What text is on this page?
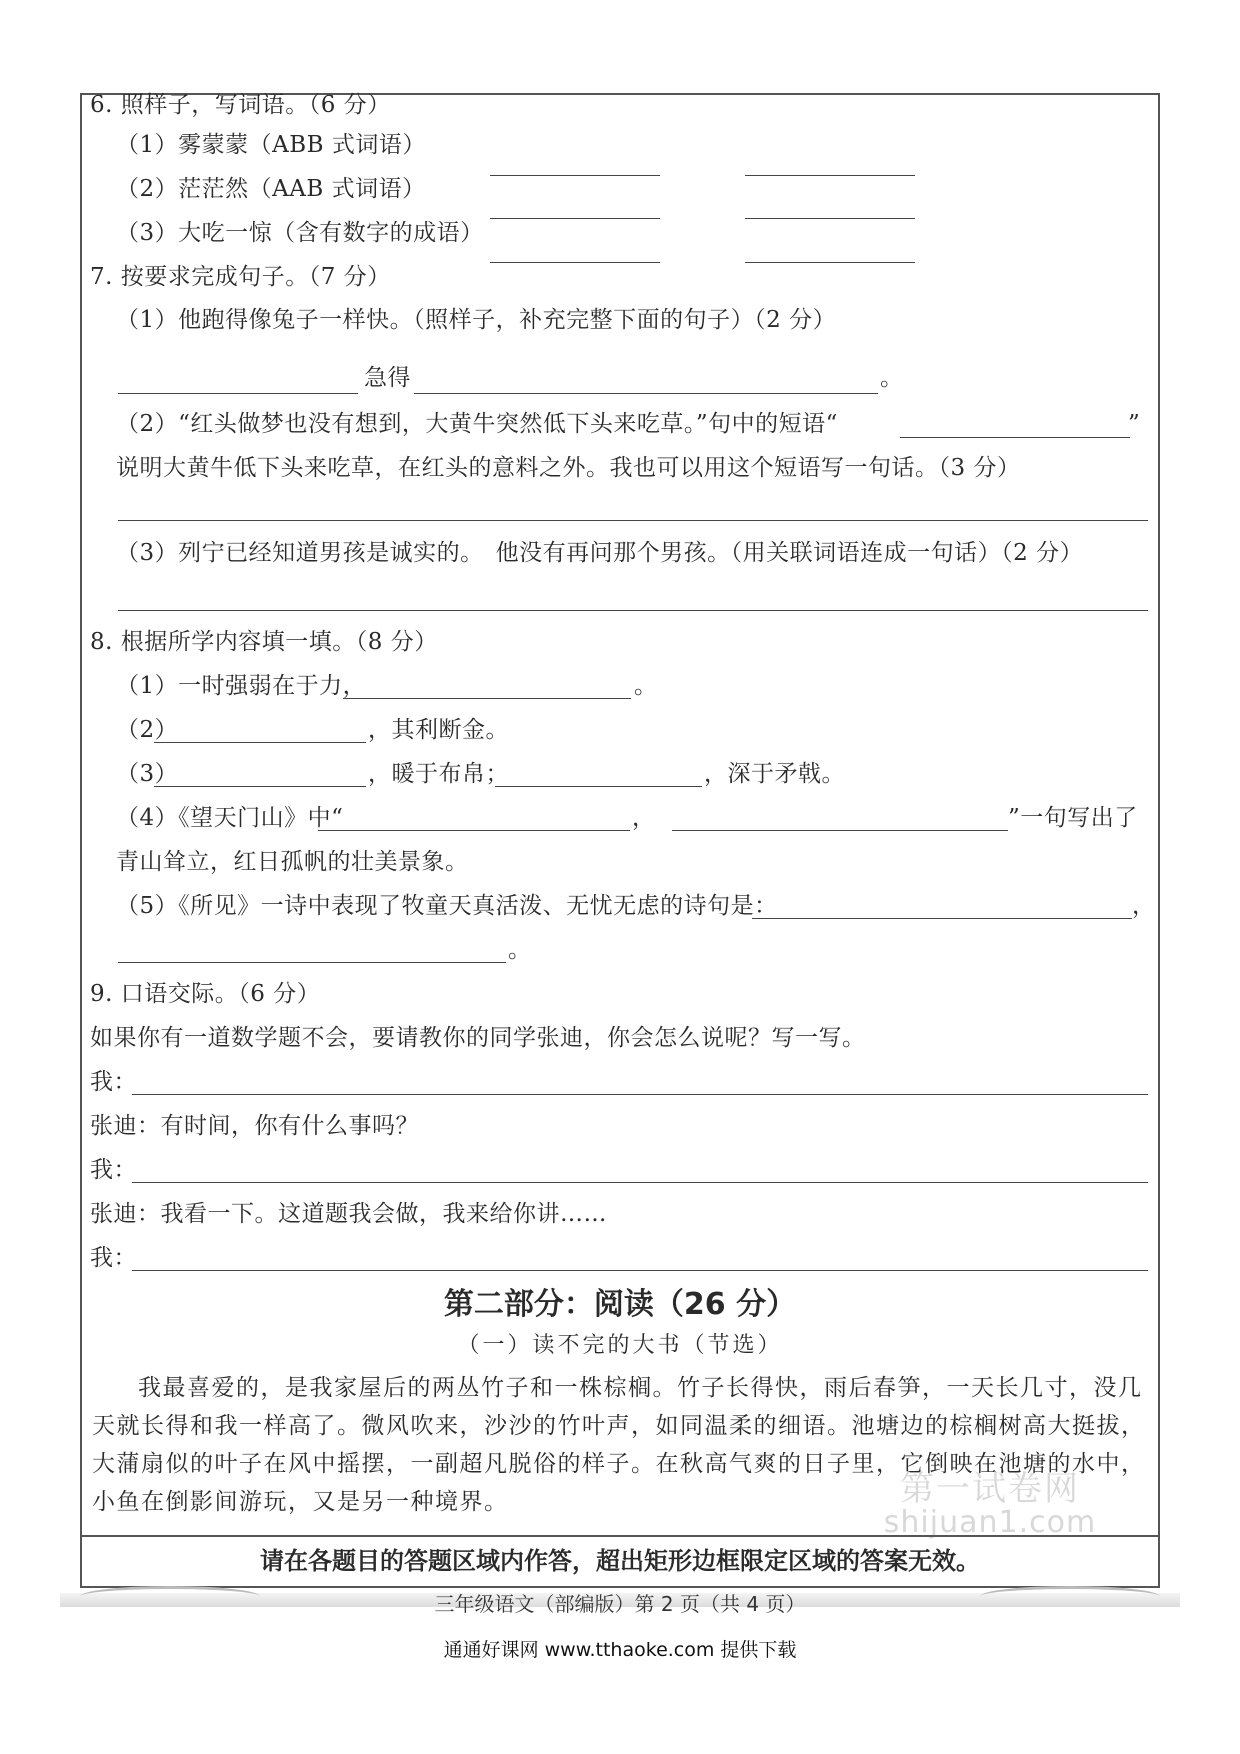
6. 照样子，写词语。（6 分）
（1）雾蒙蒙（ABB 式词语）
（2）茫茫然（AAB 式词语）
（3）大吃一惊（含有数字的成语）
7. 按要求完成句子。（7 分）
（1）他跑得像兔子一样快。（照样子，补充完整下面的句子）（2 分）
急得	。
（2）“红头做梦也没有想到，大黄牛突然低下头来吃草。”句中的短语“	”
说明大黄牛低下头来吃草，在红头的意料之外。我也可以用这个短语写一句话。（3 分）
（3）列宁已经知道男孩是诚实的。　他没有再问那个男孩。（用关联词语连成一句话）（2 分）
8. 根据所学内容填一填。（8 分）
（1）一时强弱在于力，	。
（2）	，其利断金。
（3）	，暖于布帛；	，深于矛戟。
（4）《望天门山》中“	，	”一句写出了
青山耸立，红日孤帆的壮美景象。
（5）《所见》一诗中表现了牧童天真活泼、无忧无虑的诗句是：	，
。
9. 口语交际。（6 分）
如果你有一道数学题不会，要请教你的同学张迪，你会怎么说呢？写一写。
我：
张迪：有时间，你有什么事吗？
我：
张迪：我看一下。这道题我会做，我来给你讲……
我：
第二部分：阅读（26 分）
（一）读不完的大书（节选）

我最喜爱的，是我家屋后的两丛竹子和一株棕榈。竹子长得快，雨后春笋，一天长几寸，没几天就长得和我一样高了。微风吹来，沙沙的竹叶声，如同温柔的细语。池塘边的棕榈树高大挺拔，大蒲扇似的叶子在风中摇摆，一副超凡脱俗的样子。在秋高气爽的日子里，它倒映在池塘的水中，小鱼在倒影间游玩，又是另一种境界。	第一试卷网
shijuan1.com
请在各题目的答题区域内作答，超出矩形边框限定区域的答案无效。
三年级语文（部编版）第 2 页（共 4 页）
通通好课网 www.tthaoke.com 提供下载
